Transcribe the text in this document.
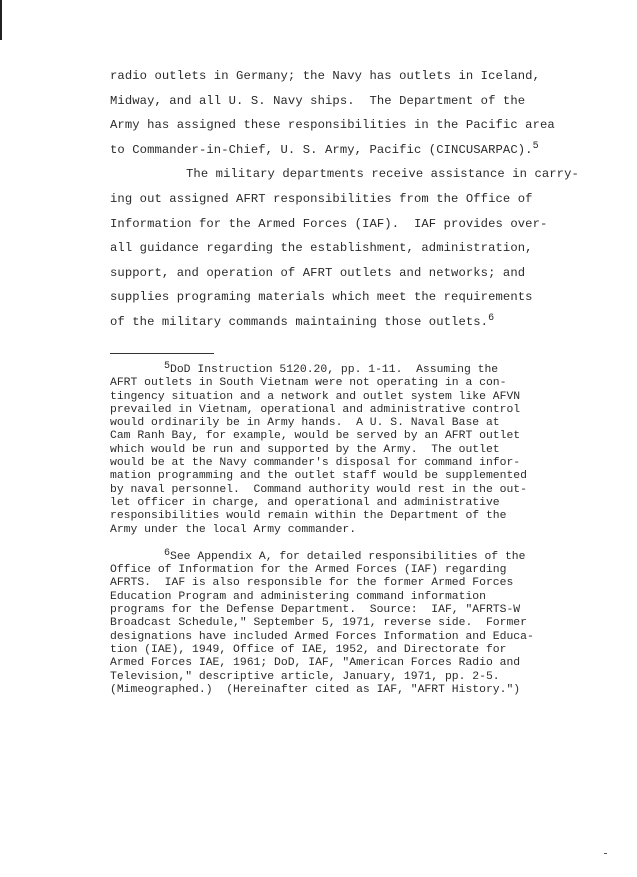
radio outlets in Germany; the Navy has outlets in Iceland,
Midway, and all U. S. Navy ships.  The Department of the
Army has assigned these responsibilities in the Pacific area
to Commander-in-Chief, U. S. Army, Pacific (CINCUSARPAC).$^5$
The military departments receive assistance in carry-
ing out assigned AFRT responsibilities from the Office of
Information for the Armed Forces (IAF).  IAF provides over-
all guidance regarding the establishment, administration,
support, and operation of AFRT outlets and networks; and
supplies programing materials which meet the requirements
of the military commands maintaining those outlets.$^6$
$^5$DoD Instruction 5120.20, pp. 1-11.  Assuming the
AFRT outlets in South Vietnam were not operating in a con-
tingency situation and a network and outlet system like AFVN
prevailed in Vietnam, operational and administrative control
would ordinarily be in Army hands.  A U. S. Naval Base at
Cam Ranh Bay, for example, would be served by an AFRT outlet
which would be run and supported by the Army.  The outlet
would be at the Navy commander's disposal for command infor-
mation programming and the outlet staff would be supplemented
by naval personnel.  Command authority would rest in the out-
let officer in charge, and operational and administrative
responsibilities would remain within the Department of the
Army under the local Army commander.
$^6$See Appendix A, for detailed responsibilities of the
Office of Information for the Armed Forces (IAF) regarding
AFRTS.  IAF is also responsible for the former Armed Forces
Education Program and administering command information
programs for the Defense Department.  Source:  IAF, "AFRTS-W
Broadcast Schedule," September 5, 1971, reverse side.  Former
designations have included Armed Forces Information and Educa-
tion (IAE), 1949, Office of IAE, 1952, and Directorate for
Armed Forces IAE, 1961; DoD, IAF, "American Forces Radio and
Television," descriptive article, January, 1971, pp. 2-5.
(Mimeographed.)  (Hereinafter cited as IAF, "AFRT History.")
